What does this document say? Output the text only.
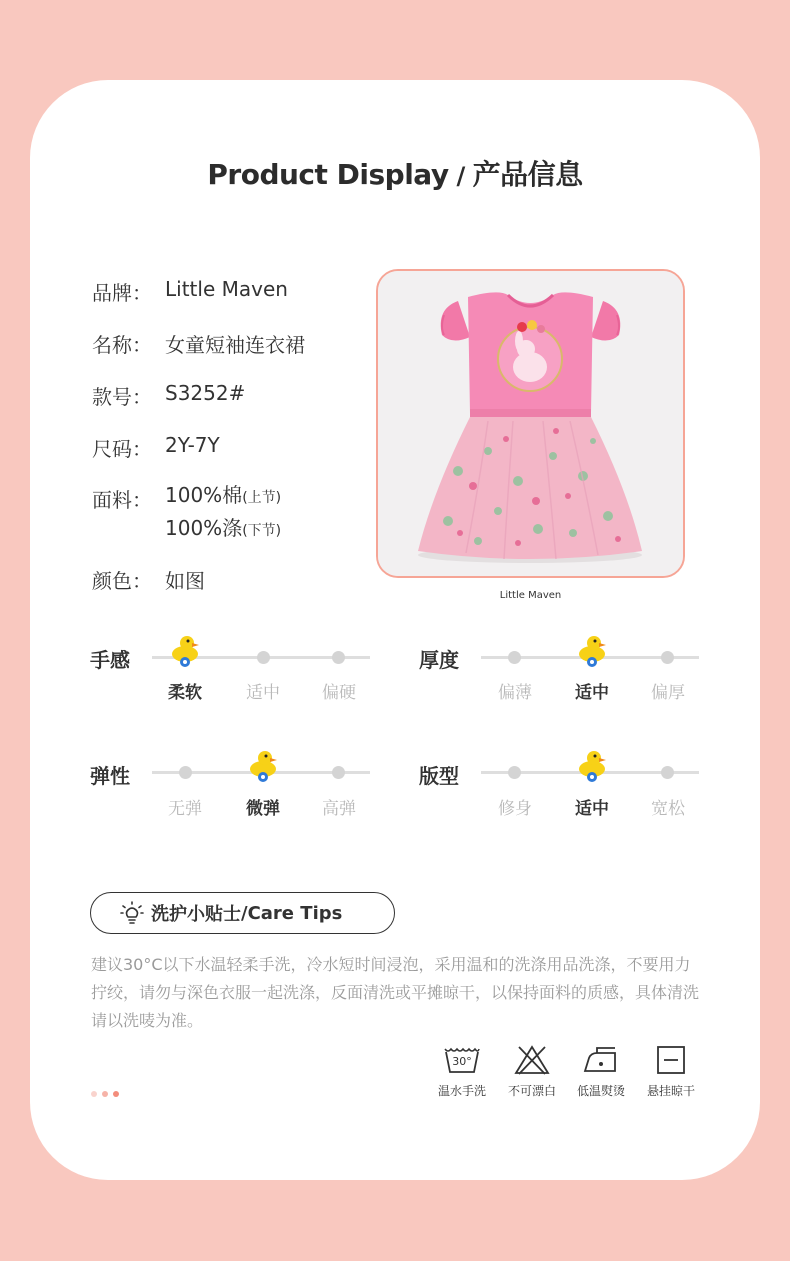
Product Display / 产品信息
品牌： Little Maven
名称： 女童短袖连衣裙
款号： S3252#
尺码： 2Y-7Y
面料： 100%棉(上节)
100%涤(下节)
颜色： 如图
Little Maven
手感
柔软	适中	偏硬
厚度
偏薄	适中	偏厚
弹性
无弹	微弹	高弹
版型
修身	适中	宽松
洗护小贴士 / Care Tips
建议30°C以下水温轻柔手洗，冷水短时间浸泡，采用温和的洗涤用品洗涤，不要用力拧绞，请勿与深色衣服一起洗涤，反面清洗或平摊晾干，以保持面料的质感，具体清洗请以洗唛为准。
30°
温水手洗	不可漂白	低温熨烫	悬挂晾干
